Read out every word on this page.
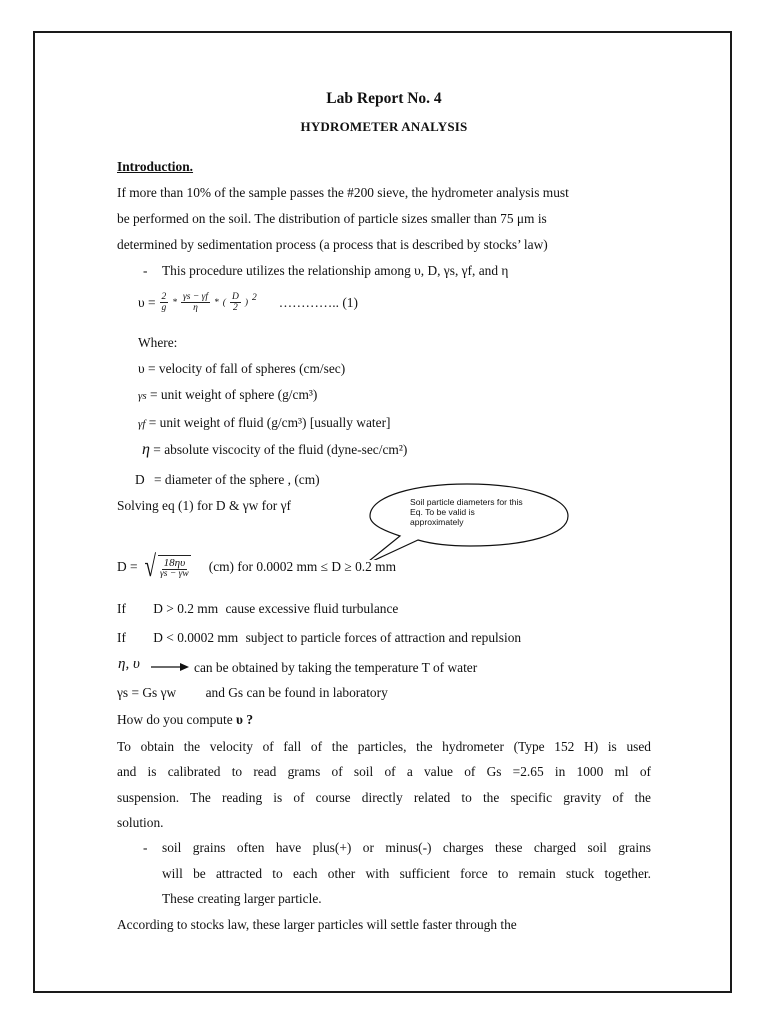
Lab Report No. 4
HYDROMETER ANALYSIS
Introduction.
If more than 10% of the sample passes the #200 sieve, the hydrometer analysis must
be performed on the soil. The distribution of particle sizes smaller than 75 μm is
determined by sedimentation process (a process that is described by stocks’ law)
- This procedure utilizes the relationship among υ, D, γs, γf, and η
$\upsilon = \frac{2}{g} * \frac{\gamma s - \gamma f}{\eta}$ * ( $\frac{D}{2}$ ) $^2$ ………….. (1)
Where:
υ = velocity of fall of spheres (cm/sec)
γs = unit weight of sphere (g/cm³)
γf = unit weight of fluid (g/cm³) [usually water]
η = absolute viscocity of the fluid (dyne-sec/cm²)
D = diameter of the sphere , (cm)
Solving eq (1) for D & γw for γf	Soil particle diameters for this Eq. To be valid is approximately
D = √ $\frac{18\eta\upsilon}{\gamma s - \gamma w} (cm)$ for 0.0002 mm ≤ D ≥ 0.2 mm
If D > 0.2 mm cause excessive fluid turbulance
If D < 0.0002 mm subject to particle forces of attraction and repulsion
η, υ	can be obtained by taking the temperature T of water
γs = Gs γw and Gs can be found in laboratory
How do you compute υ ?
To obtain the velocity of fall of the particles, the hydrometer (Type 152 H) is used
and is calibrated to read grams of soil of a value of Gs =2.65 in 1000 ml of
suspension. The reading is of course directly related to the specific gravity of the
solution.
- soil grains often have plus(+) or minus(-) charges these charged soil grains
will be attracted to each other with sufficient force to remain stuck together.
These creating larger particle.
According to stocks law, these larger particles will settle faster through the
